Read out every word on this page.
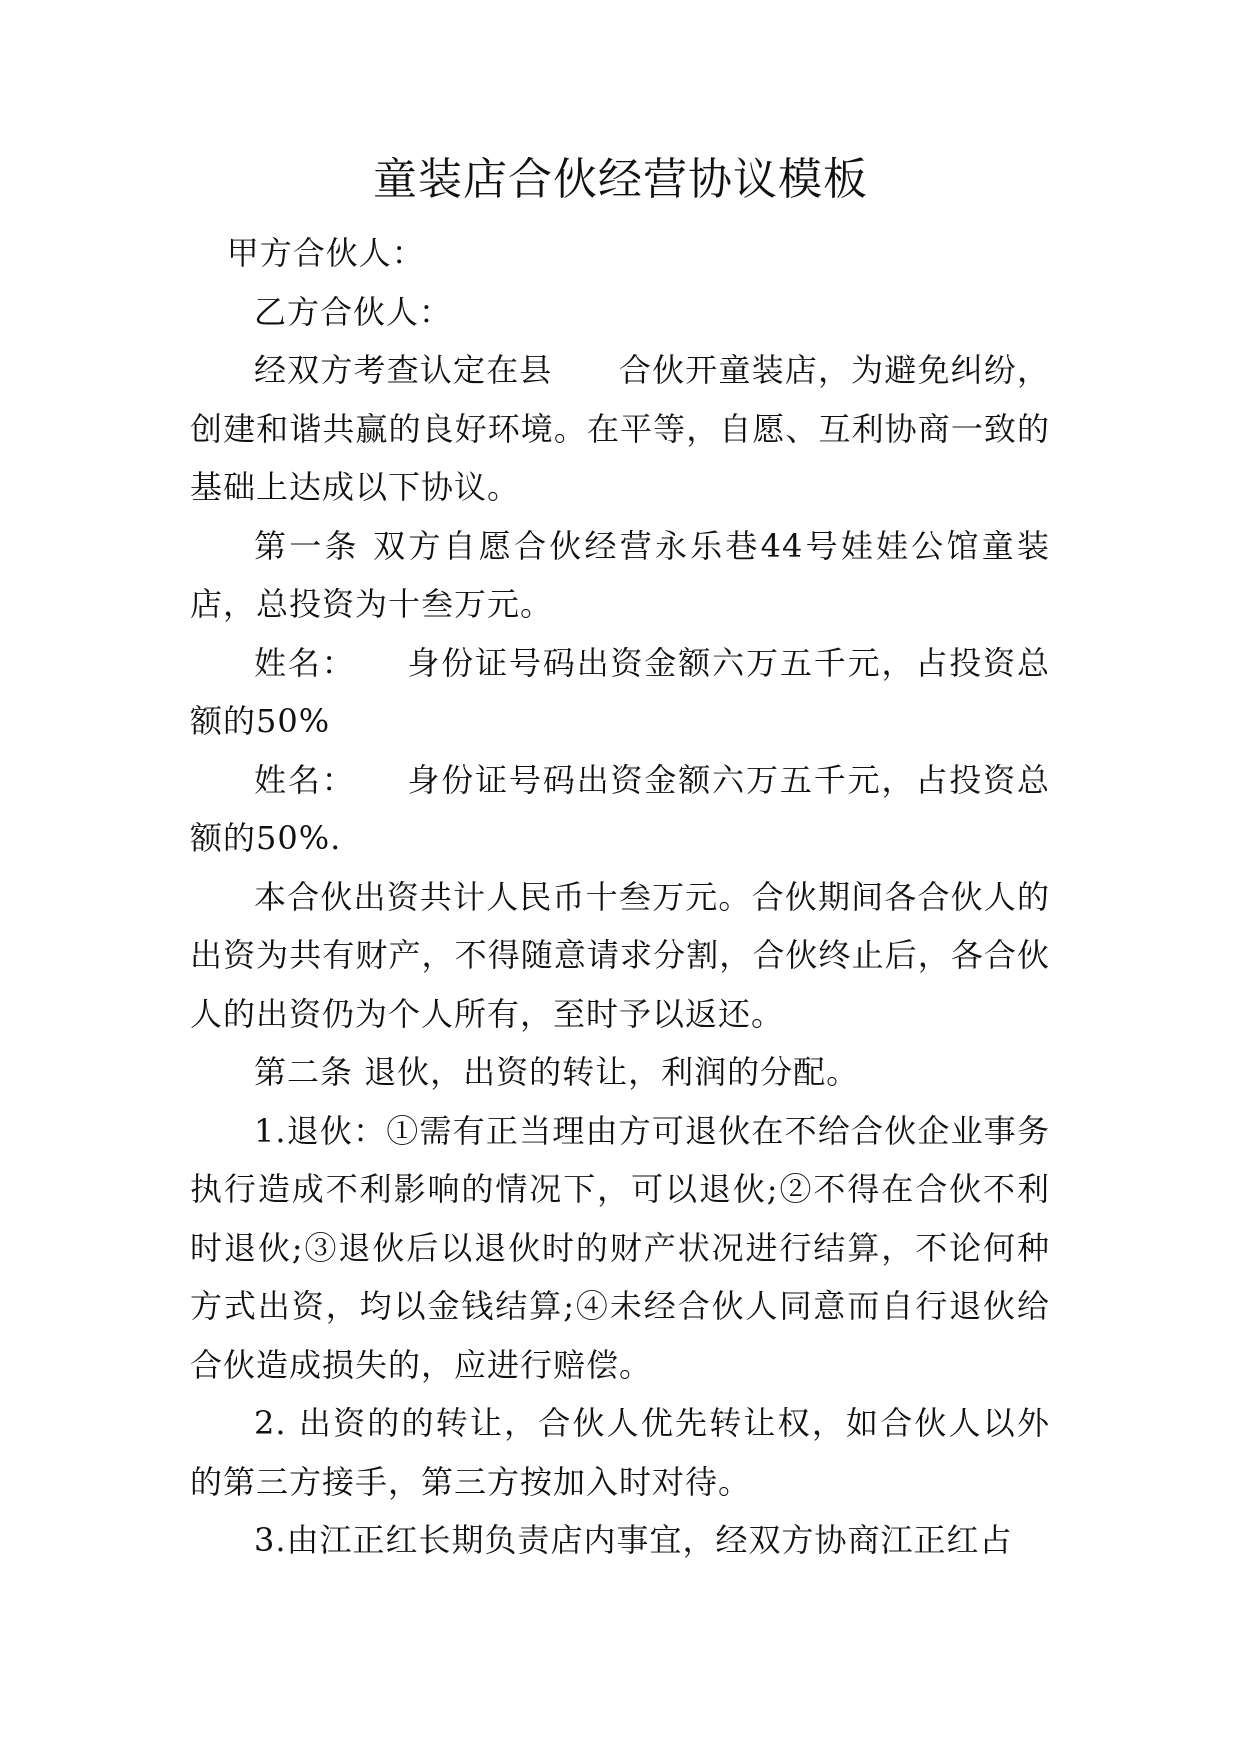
童装店合伙经营协议模板

甲方合伙人：

乙方合伙人：

经双方考查认定在县　　合伙开童装店，为避免纠纷，创建和谐共赢的良好环境。在平等，自愿、互利协商一致的基础上达成以下协议。

第一条 双方自愿合伙经营永乐巷44号娃娃公馆童装店，总投资为十叁万元。

姓名：　　身份证号码出资金额六万五千元，占投资总额的50%

姓名：　　身份证号码出资金额六万五千元，占投资总额的50%.

本合伙出资共计人民币十叁万元。合伙期间各合伙人的出资为共有财产，不得随意请求分割，合伙终止后，各合伙人的出资仍为个人所有，至时予以返还。

第二条 退伙，出资的转让，利润的分配。

1.退伙：①需有正当理由方可退伙在不给合伙企业事务执行造成不利影响的情况下，可以退伙;②不得在合伙不利时退伙;③退伙后以退伙时的财产状况进行结算，不论何种方式出资，均以金钱结算;④未经合伙人同意而自行退伙给合伙造成损失的，应进行赔偿。

2. 出资的的转让，合伙人优先转让权，如合伙人以外的第三方接手，第三方按加入时对待。

3.由江正红长期负责店内事宜，经双方协商江正红占
